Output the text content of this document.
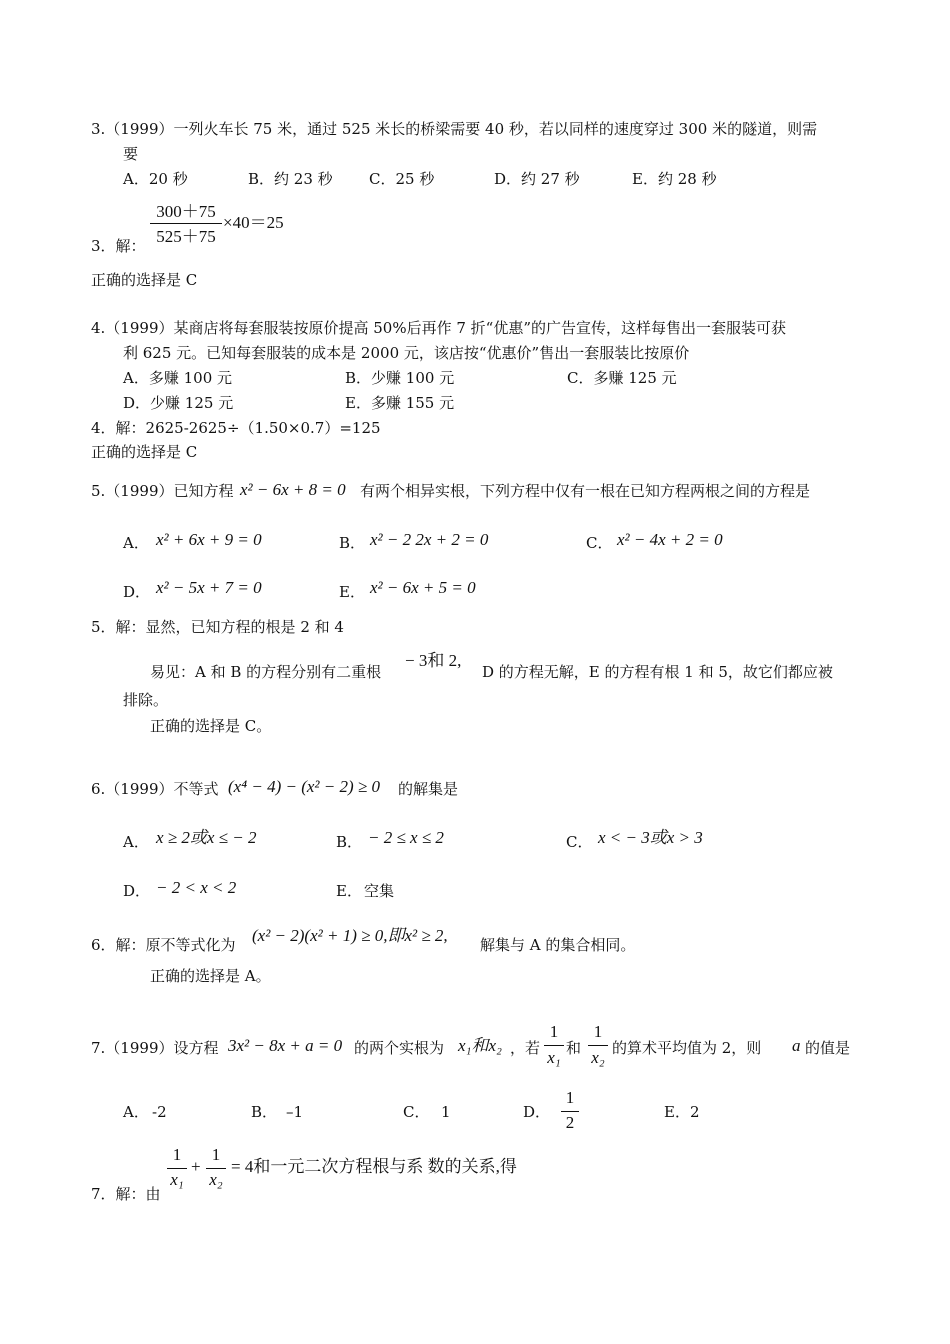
3.（1999）一列火车长 75 米，通过 525 米长的桥梁需要 40 秒，若以同样的速度穿过 300 米的隧道，则需
要
A．20 秒	B．约 23 秒 C．25 秒	D．约 27 秒	E．约 28 秒
300＋75
525＋75
×40＝25
3．解：
正确的选择是 C
4.（1999）某商店将每套服装按原价提高 50%后再作 7 折“优惠”的广告宣传，这样每售出一套服装可获
利 625 元。已知每套服装的成本是 2000 元，该店按“优惠价”售出一套服装比按原价
A．多赚 100 元	B．少赚 100 元	C．多赚 125 元
D．少赚 125 元	E．多赚 155 元
4．解：2625-2625÷（1.50×0.7）=125
正确的选择是 C
5.（1999）已知方程 x² − 6x + 8 = 0 有两个相异实根，下列方程中仅有一根在已知方程两根之间的方程是
A． x² + 6x + 9 = 0	B． x² − 2 2x + 2 = 0	C． x² − 4x + 2 = 0
D． x² − 5x + 7 = 0	E． x² − 6x + 5 = 0
5．解：显然，已知方程的根是 2 和 4
易见：A 和 B 的方程分别有二重根
− 3和 2,
D 的方程无解，E 的方程有根 1 和 5，故它们都应被
排除。
正确的选择是 C。
6.（1999）不等式 (x⁴ − 4) − (x² − 2) ≥ 0 的解集是
A． x ≥ 2或x ≤ − 2	B． − 2 ≤ x ≤ 2	C． x < − 3或x > 3
D． − 2 < x < 2	E． 空集
6．解：原不等式化为 (x² − 2)(x² + 1) ≥ 0,即x² ≥ 2, 解集与 A 的集合相同。
正确的选择是 A。
7.（1999）设方程 3x² − 8x + a = 0 的两个实根为 x₁和x₂ ，若
1
x₁ 和
1
x₂ 的算术平均值为 2，则 a 的值是
A． -2	B． –1	C． 1	D．
1
2
E． 2
1
x₁
+
1
x₂
= 4和一元二次方程根与系 数的关系,得
7．解：由
